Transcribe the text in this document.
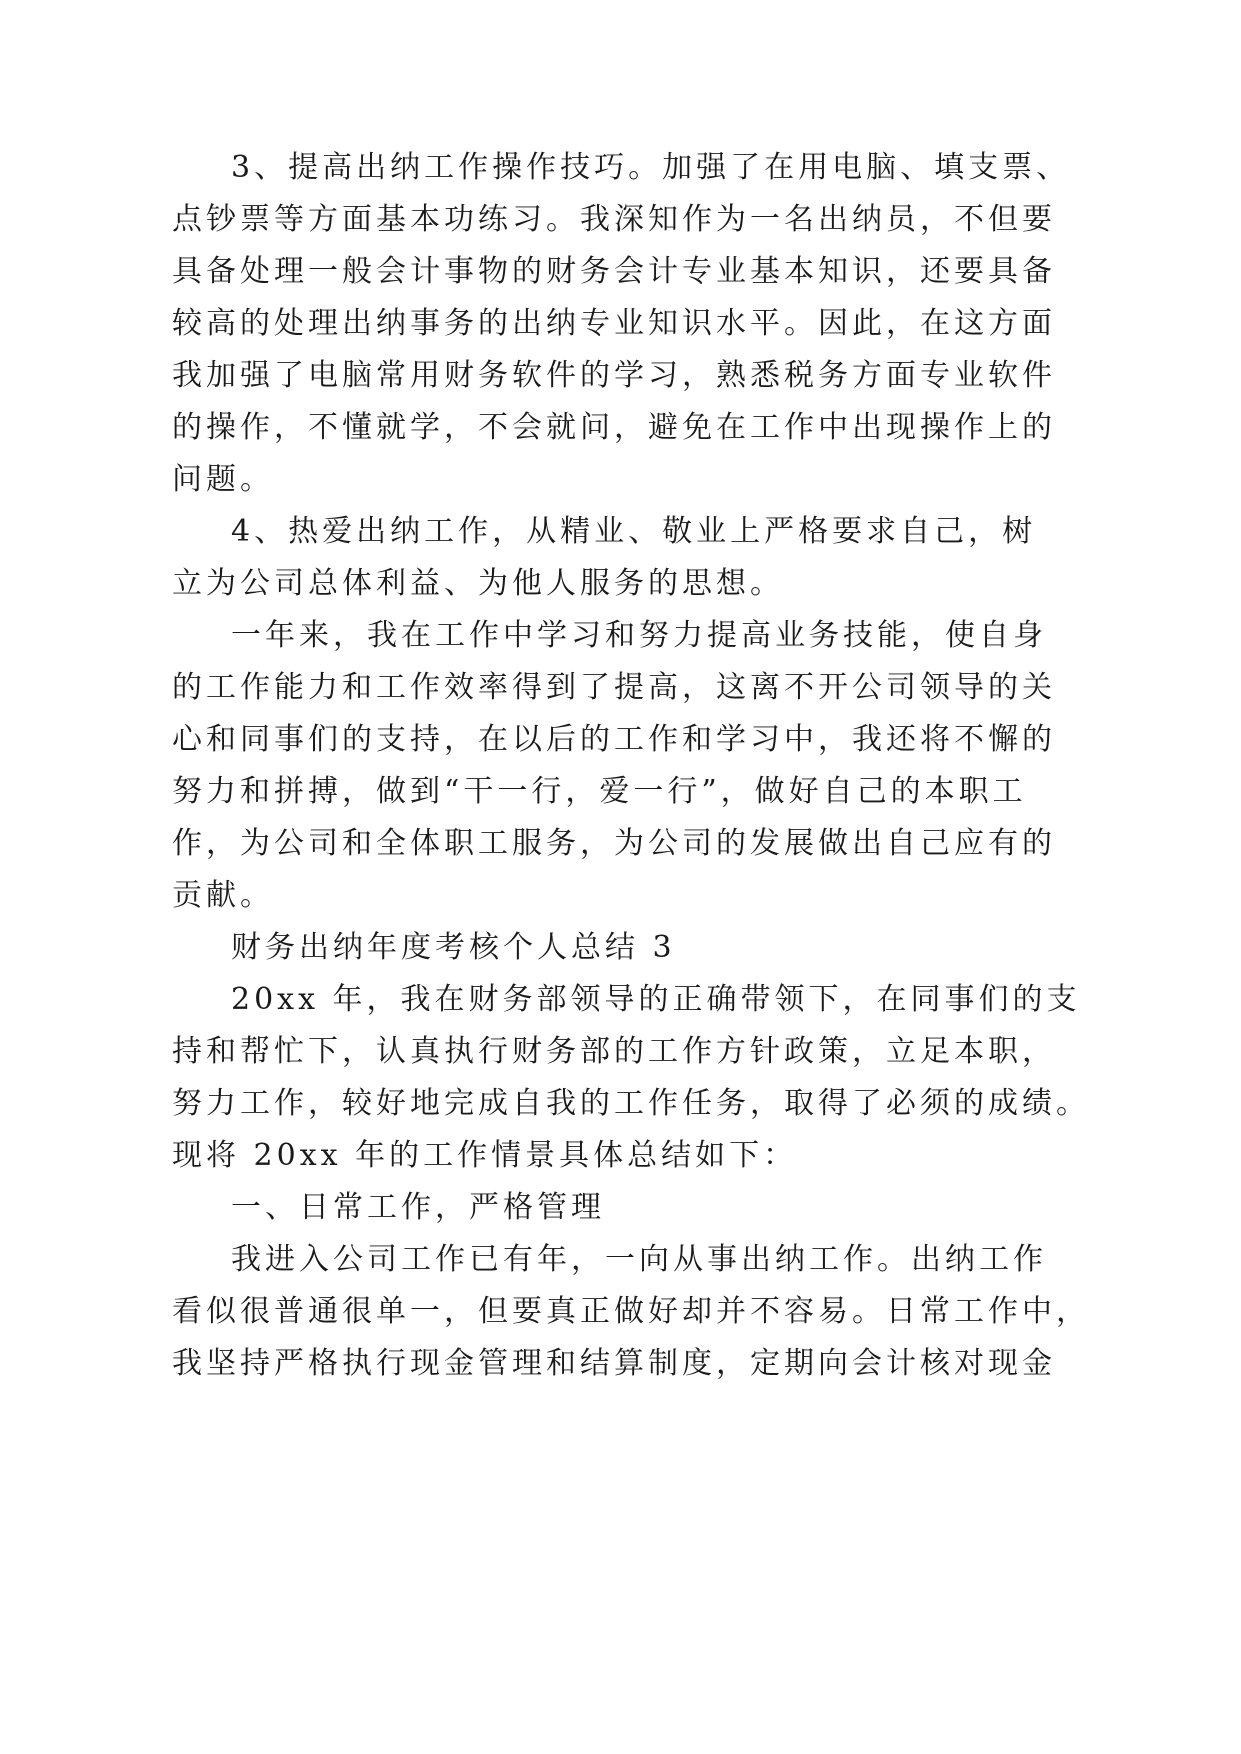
3、提高出纳工作操作技巧。加强了在用电脑、填支票、
点钞票等方面基本功练习。我深知作为一名出纳员，不但要
具备处理一般会计事物的财务会计专业基本知识，还要具备
较高的处理出纳事务的出纳专业知识水平。因此，在这方面
我加强了电脑常用财务软件的学习，熟悉税务方面专业软件
的操作，不懂就学，不会就问，避免在工作中出现操作上的
问题。
4、热爱出纳工作，从精业、敬业上严格要求自己，树
立为公司总体利益、为他人服务的思想。
一年来，我在工作中学习和努力提高业务技能，使自身
的工作能力和工作效率得到了提高，这离不开公司领导的关
心和同事们的支持，在以后的工作和学习中，我还将不懈的
努力和拼搏，做到“干一行，爱一行”，做好自己的本职工
作，为公司和全体职工服务，为公司的发展做出自己应有的
贡献。
财务出纳年度考核个人总结 3
20xx 年，我在财务部领导的正确带领下，在同事们的支
持和帮忙下，认真执行财务部的工作方针政策，立足本职，
努力工作，较好地完成自我的工作任务，取得了必须的成绩。
现将 20xx 年的工作情景具体总结如下：
一、日常工作，严格管理
我进入公司工作已有年，一向从事出纳工作。出纳工作
看似很普通很单一，但要真正做好却并不容易。日常工作中，
我坚持严格执行现金管理和结算制度，定期向会计核对现金
